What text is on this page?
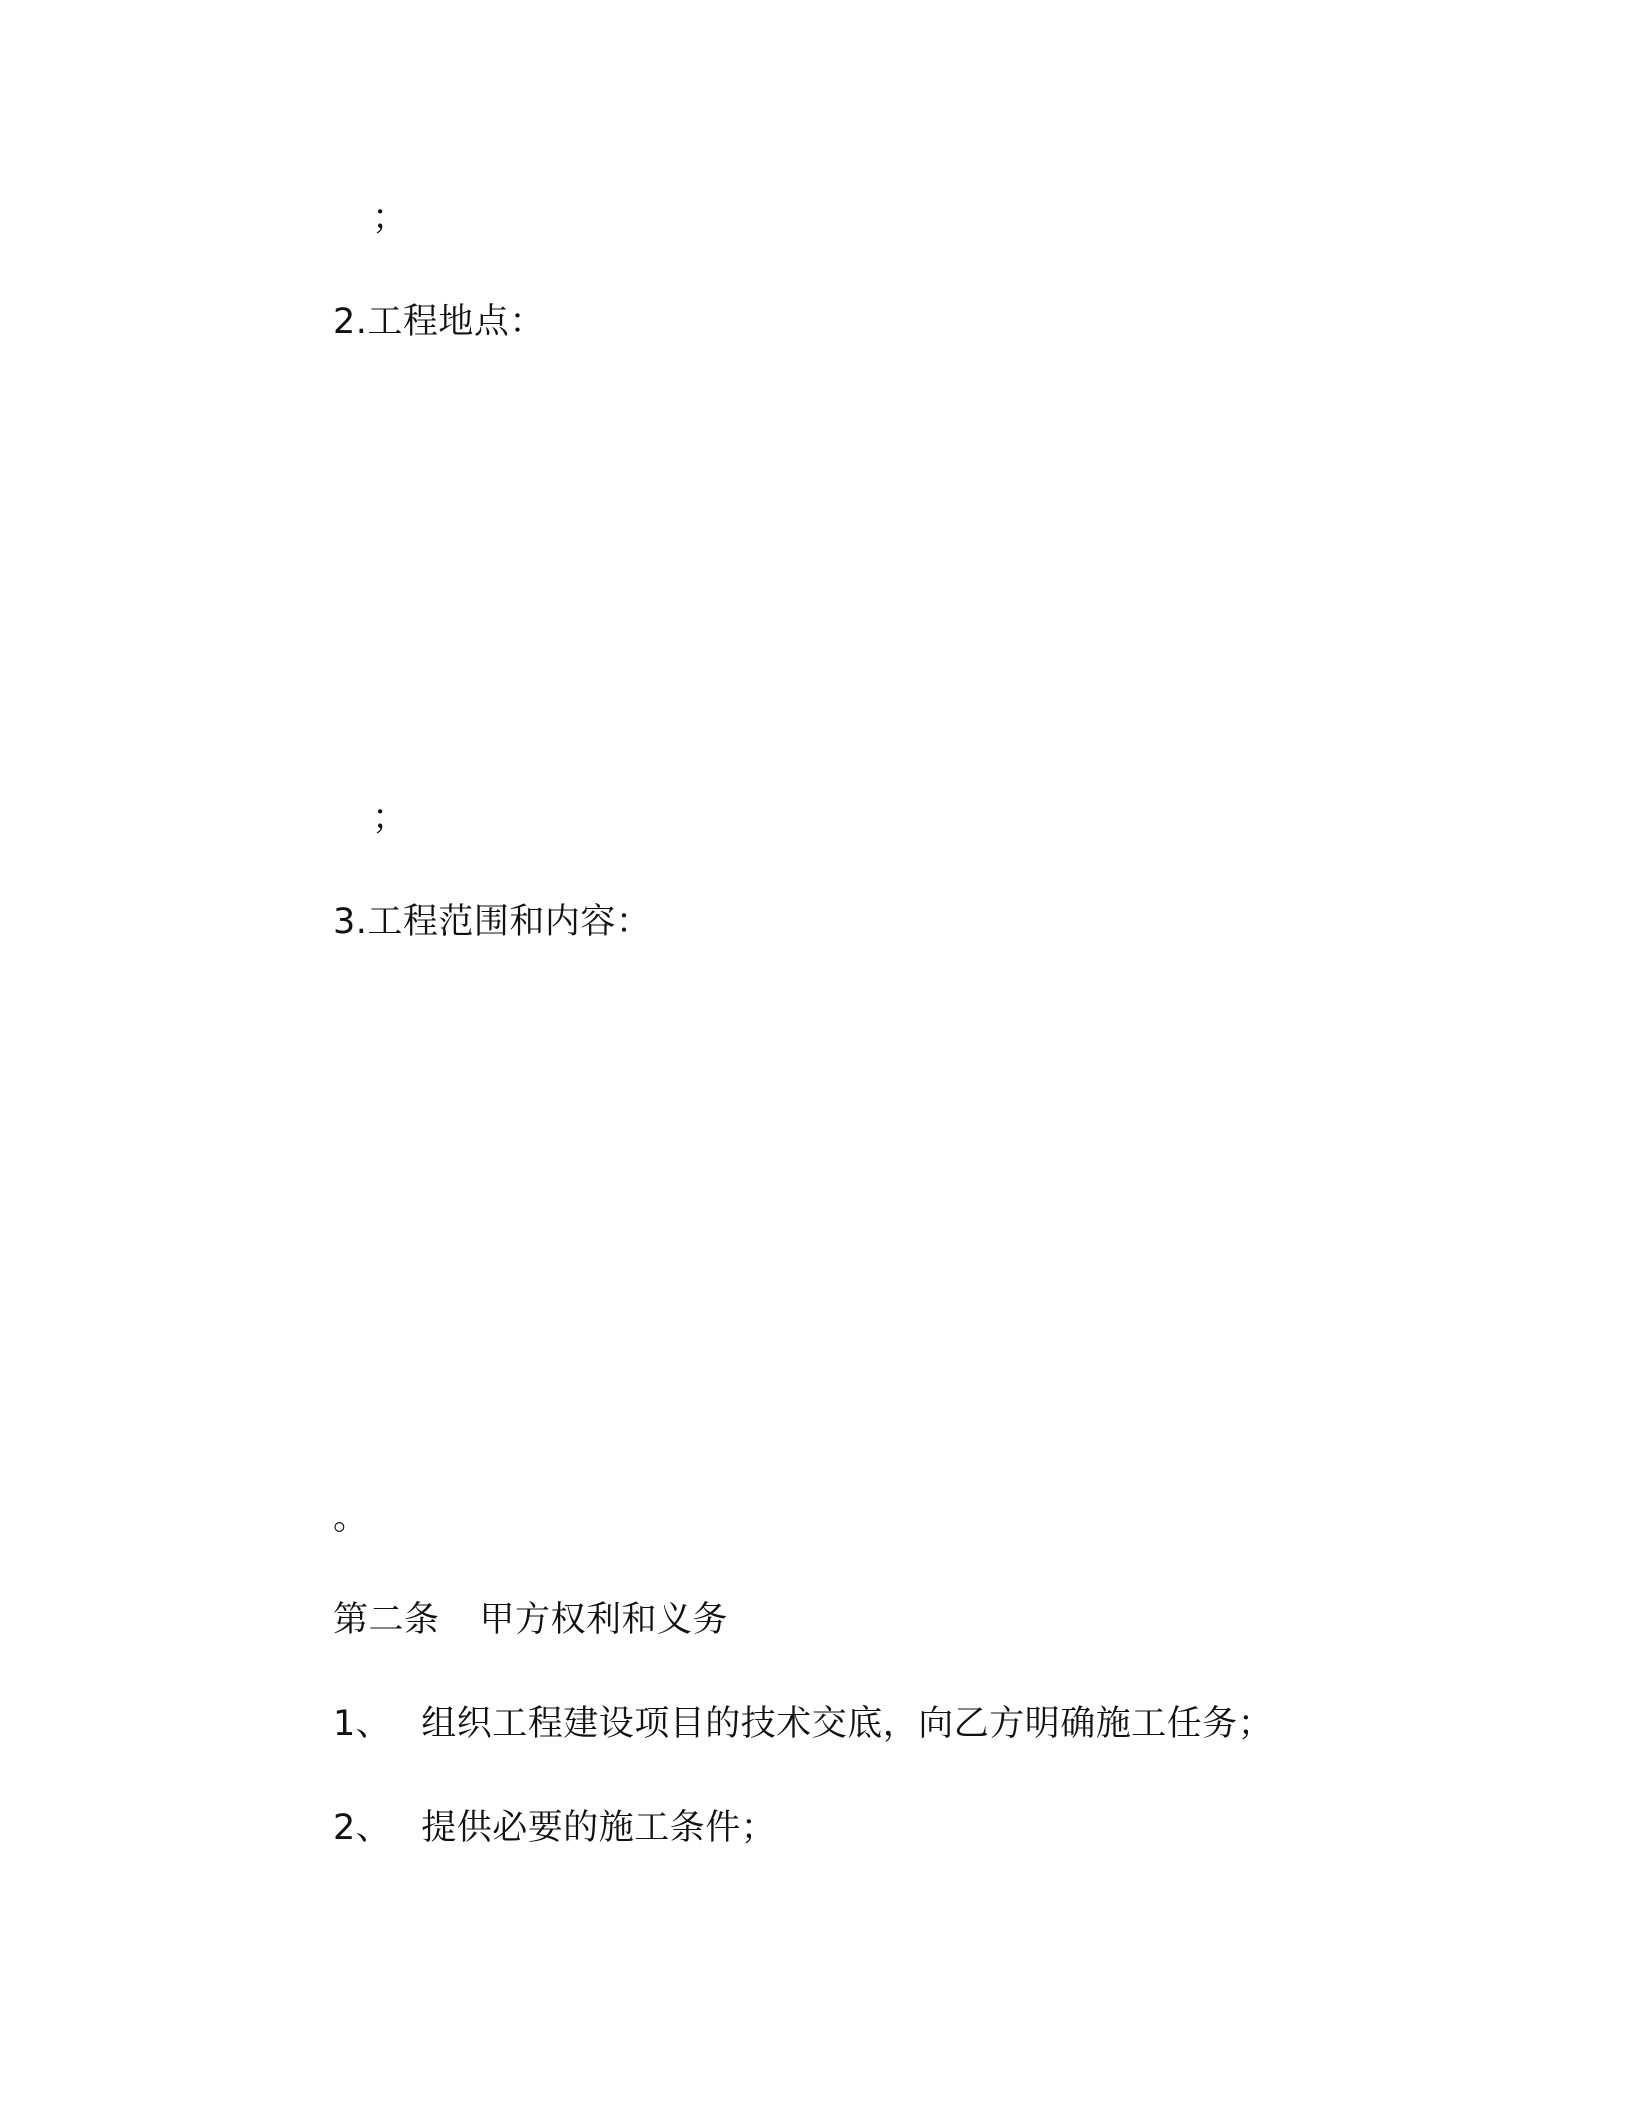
；
2.工程地点：
；
3.工程范围和内容：
。
第二条 甲方权利和义务
1、 组织工程建设项目的技术交底，向乙方明确施工任务；
2、 提供必要的施工条件；
